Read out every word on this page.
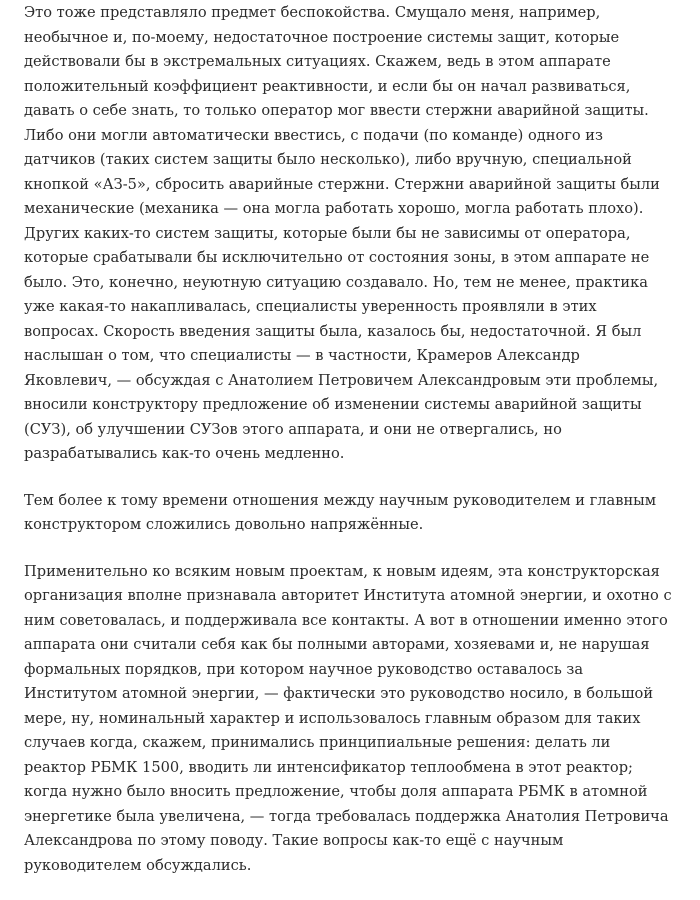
Это тоже представляло предмет беспокойства. Смущало меня, например, необычное и, по-моему, недостаточное построение системы защит, которые действовали бы в экстремальных ситуациях. Скажем, ведь в этом аппарате положительный коэффициент реактивности, и если бы он начал развиваться, давать о себе знать, то только оператор мог ввести стержни аварийной защиты. Либо они могли автоматически ввестись, с подачи (по команде) одного из датчиков (таких систем защиты было несколько), либо вручную, специальной кнопкой «АЗ-5», сбросить аварийные стержни. Стержни аварийной защиты были механические (механика — она могла работать хорошо, могла работать плохо). Других каких-то систем защиты, которые были бы не зависимы от оператора, которые срабатывали бы исключительно от состояния зоны, в этом аппарате не было. Это, конечно, неуютную ситуацию создавало. Но, тем не менее, практика уже какая-то накапливалась, специалисты уверенность проявляли в этих вопросах. Скорость введения защиты была, казалось бы, недостаточной. Я был наслышан о том, что специалисты — в частности, Крамеров Александр Яковлевич, — обсуждая с Анатолием Петровичем Александровым эти проблемы, вносили конструктору предложение об изменении системы аварийной защиты (СУЗ), об улучшении СУЗов этого аппарата, и они не отвергались, но разрабатывались как-то очень медленно.

Тем более к тому времени отношения между научным руководителем и главным конструктором сложились довольно напряжённые.

Применительно ко всяким новым проектам, к новым идеям, эта конструкторская организация вполне признавала авторитет Института атомной энергии, и охотно с ним советовалась, и поддерживала все контакты. А вот в отношении именно этого аппарата они считали себя как бы полными авторами, хозяевами и, не нарушая формальных порядков, при котором научное руководство оставалось за Институтом атомной энергии, — фактически это руководство носило, в большой мере, ну, номинальный характер и использовалось главным образом для таких случаев когда, скажем, принимались принципиальные решения: делать ли реактор РБМК 1500, вводить ли интенсификатор теплообмена в этот реактор; когда нужно было вносить предложение, чтобы доля аппарата РБМК в атомной энергетике была увеличена, — тогда требовалась поддержка Анатолия Петровича Александрова по этому поводу. Такие вопросы как-то ещё с научным руководителем обсуждались.
